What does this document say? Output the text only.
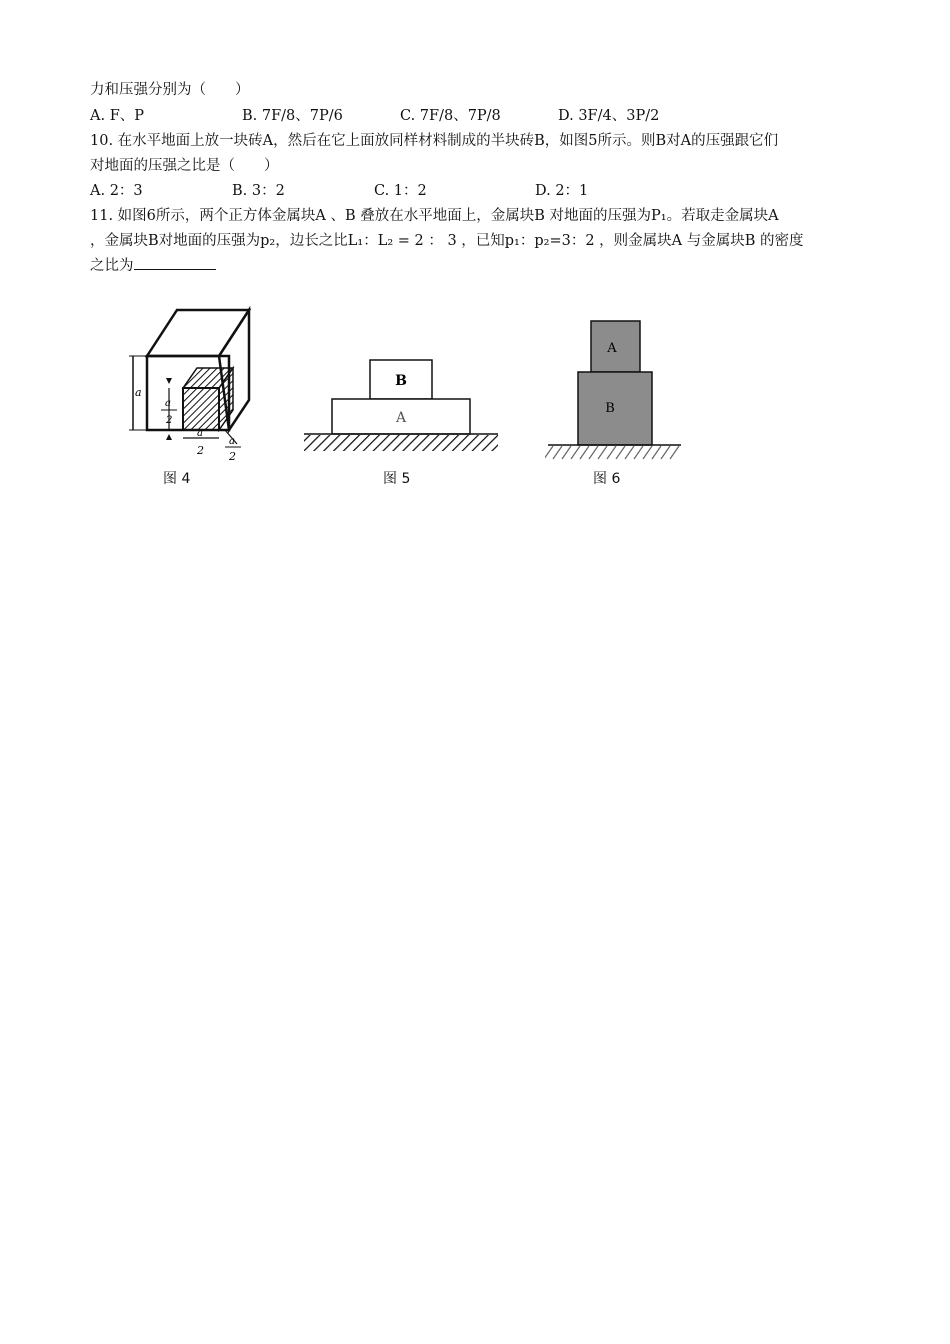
力和压强分别为（　　）
A. F、P	B. 7F/8、7P/6	C. 7F/8、7P/8	D. 3F/4、3P/2
10. 在水平地面上放一块砖A，然后在它上面放同样材料制成的半块砖B，如图5所示。则B对A的压强跟它们
对地面的压强之比是（　　）
A. 2：3	B. 3：2	C. 1：2	D. 2：1
11. 如图6所示，两个正方体金属块A 、B 叠放在水平地面上，金属块B 对地面的压强为P₁。若取走金属块A
，金属块B对地面的压强为p₂，边长之比L₁：L₂ = 2 ： 3 ，已知p₁：p₂=3：2 ，则金属块A 与金属块B 的密度
之比为
a
a
2
a
2
a
2
图 4
B
A
图 5
A
B
图 6
